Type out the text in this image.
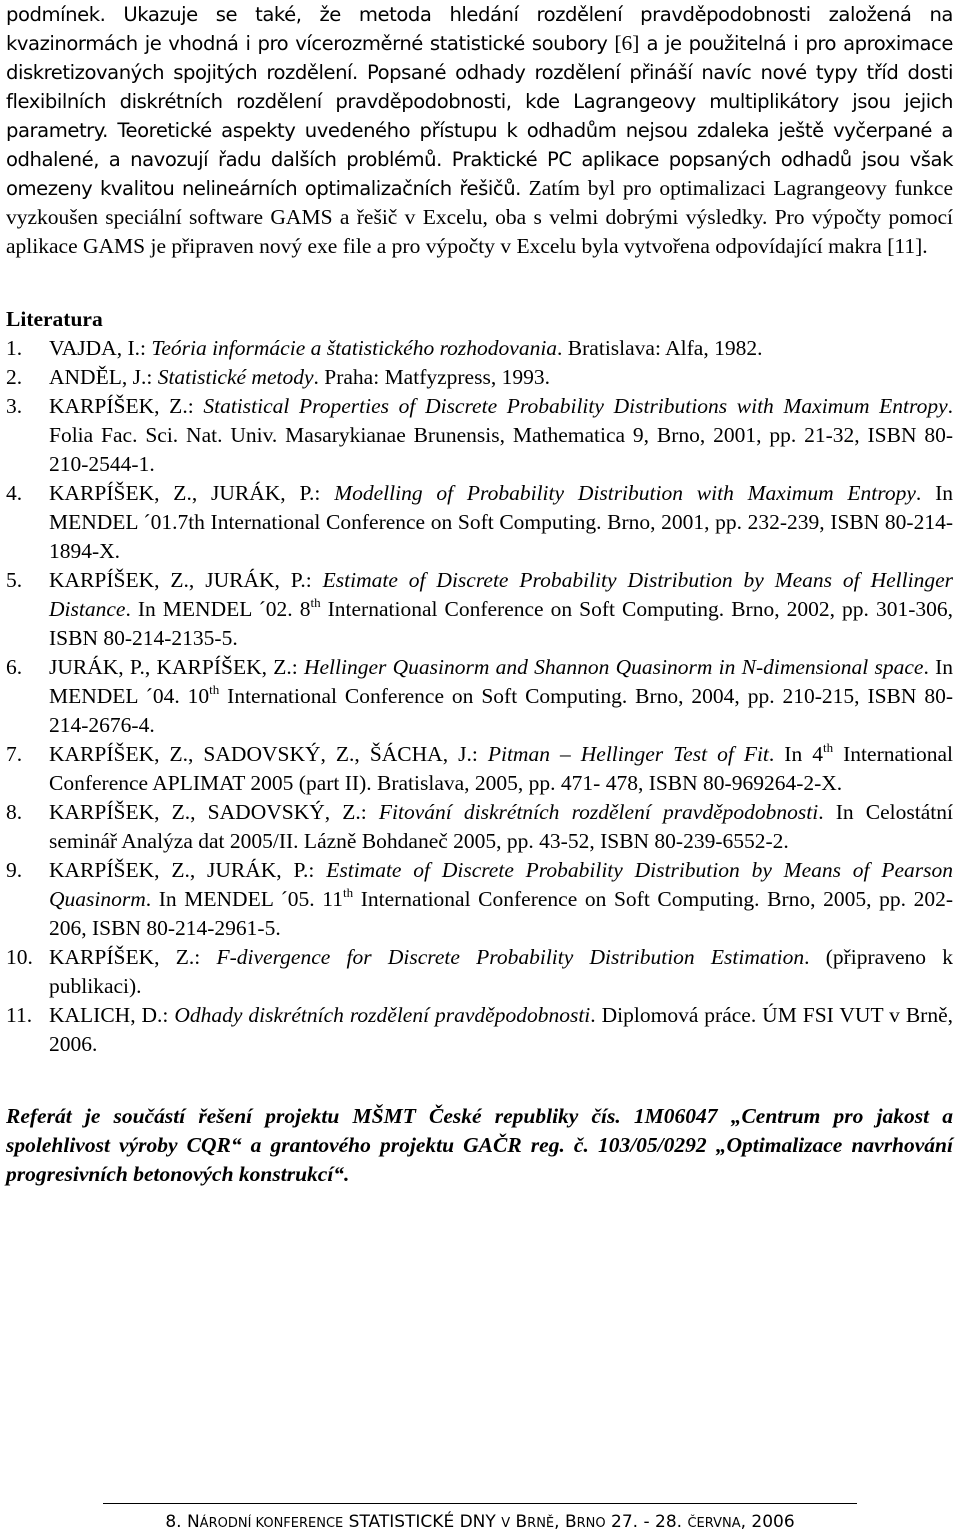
podmínek. Ukazuje se také, že metoda hledání rozdělení pravděpodobnosti založená na kvazinormách je vhodná i pro vícerozměrné statistické soubory [6] a je použitelná i pro aproximace diskretizovaných spojitých rozdělení. Popsané odhady rozdělení přináší navíc nové typy tříd dosti flexibilních diskrétních rozdělení pravděpodobnosti, kde Lagrangeovy multiplikátory jsou jejich parametry. Teoretické aspekty uvedeného přístupu k odhadům nejsou zdaleka ještě vyčerpané a odhalené, a navozují řadu dalších problémů. Praktické PC aplikace popsaných odhadů jsou však omezeny kvalitou nelineárních optimalizačních řešičů. Zatím byl pro optimalizaci Lagrangeovy funkce vyzkoušen speciální software GAMS a řešič v Excelu, oba s velmi dobrými výsledky. Pro výpočty pomocí aplikace GAMS je připraven nový exe file a pro výpočty v Excelu byla vytvořena odpovídající makra [11].

Literatura
1. VAJDA, I.: Teória informácie a štatistického rozhodovania. Bratislava: Alfa, 1982.
2. ANDĚL, J.: Statistické metody. Praha: Matfyzpress, 1993.
3. KARPÍŠEK, Z.: Statistical Properties of Discrete Probability Distributions with Maximum Entropy. Folia Fac. Sci. Nat. Univ. Masarykianae Brunensis, Mathematica 9, Brno, 2001, pp. 21-32, ISBN 80-210-2544-1.
4. KARPÍŠEK, Z., JURÁK, P.: Modelling of Probability Distribution with Maximum Entropy. In MENDEL ´01.7th International Conference on Soft Computing. Brno, 2001, pp. 232-239, ISBN 80-214-1894-X.
5. KARPÍŠEK, Z., JURÁK, P.: Estimate of Discrete Probability Distribution by Means of Hellinger Distance. In MENDEL ´02. 8th International Conference on Soft Computing. Brno, 2002, pp. 301-306, ISBN 80-214-2135-5.
6. JURÁK, P., KARPÍŠEK, Z.: Hellinger Quasinorm and Shannon Quasinorm in N-dimensional space. In MENDEL ´04. 10th International Conference on Soft Computing. Brno, 2004, pp. 210-215, ISBN 80-214-2676-4.
7. KARPÍŠEK, Z., SADOVSKÝ, Z., ŠÁCHA, J.: Pitman – Hellinger Test of Fit. In 4th International Conference APLIMAT 2005 (part II). Bratislava, 2005, pp. 471- 478, ISBN 80-969264-2-X.
8. KARPÍŠEK, Z., SADOVSKÝ, Z.: Fitování diskrétních rozdělení pravděpodobnosti. In Celostátní seminář Analýza dat 2005/II. Lázně Bohdaneč 2005, pp. 43-52, ISBN 80-239-6552-2.
9. KARPÍŠEK, Z., JURÁK, P.: Estimate of Discrete Probability Distribution by Means of Pearson Quasinorm. In MENDEL ´05. 11th International Conference on Soft Computing. Brno, 2005, pp. 202-206, ISBN 80-214-2961-5.
10. KARPÍŠEK, Z.: F-divergence for Discrete Probability Distribution Estimation. (připraveno k publikaci).
11. KALICH, D.: Odhady diskrétních rozdělení pravděpodobnosti. Diplomová práce. ÚM FSI VUT v Brně, 2006.

Referát je součástí řešení projektu MŠMT České republiky čís. 1M06047 „Centrum pro jakost a spolehlivost výroby CQR“ a grantového projektu GAČR reg. č. 103/05/0292 „Optimalizace navrhování progresivních betonových konstrukcí“.

8. NÁRODNÍ KONFERENCE STATISTICKÉ DNY V BRNĚ, BRNO 27. - 28. ČERVNA, 2006
